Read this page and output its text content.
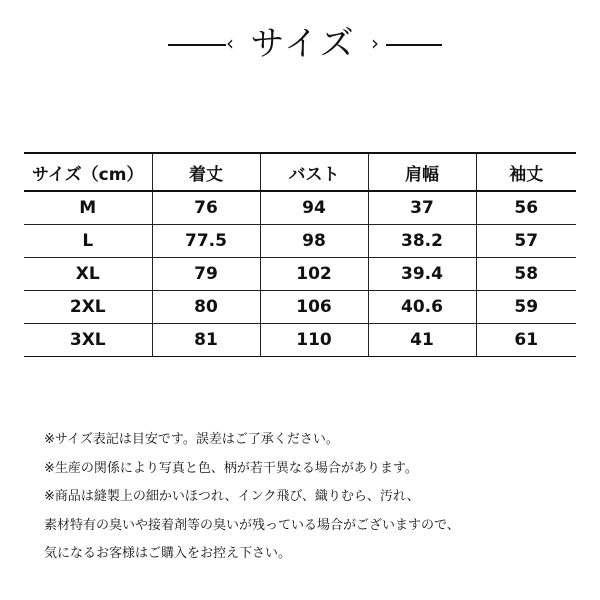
‹ サイズ ›
サイズ（cm）	着丈	バスト	肩幅	袖丈
M	76	94	37	56
L	77.5	98	38.2	57
XL	79	102	39.4	58
2XL	80	106	40.6	59
3XL	81	110	41	61
※サイズ表記は目安です。誤差はご了承ください。
※生産の関係により写真と色、柄が若干異なる場合があります。
※商品は縫製上の細かいほつれ、インク飛び、織りむら、汚れ、
素材特有の臭いや接着剤等の臭いが残っている場合がございますので、
気になるお客様はご購入をお控え下さい。
